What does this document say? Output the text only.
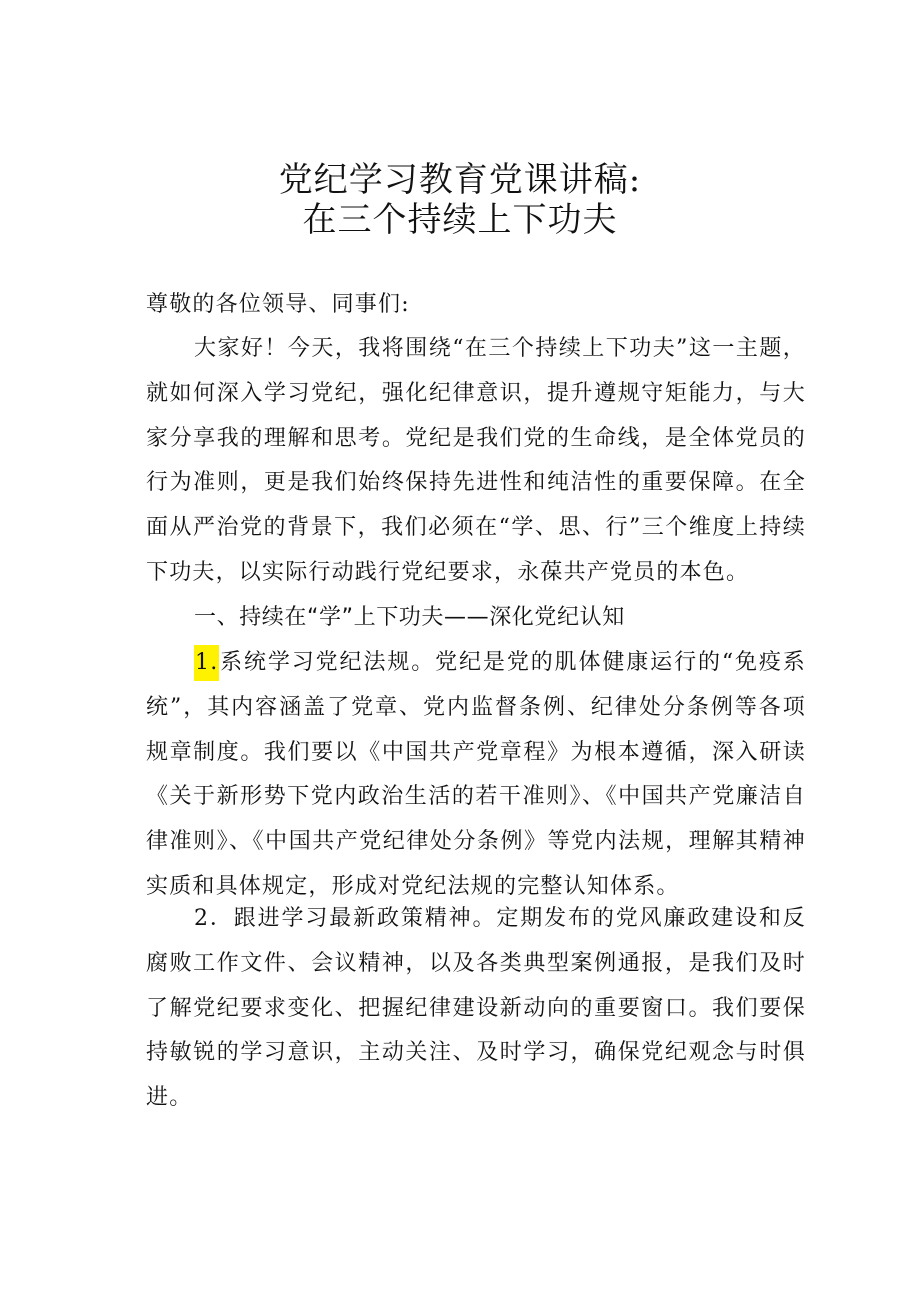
党纪学习教育党课讲稿:
在三个持续上下功夫

尊敬的各位领导、同事们:

大家好！今天，我将围绕“在三个持续上下功夫”这一主题，就如何深入学习党纪，强化纪律意识，提升遵规守矩能力，与大家分享我的理解和思考。党纪是我们党的生命线，是全体党员的行为准则，更是我们始终保持先进性和纯洁性的重要保障。在全面从严治党的背景下，我们必须在“学、思、行”三个维度上持续下功夫，以实际行动践行党纪要求，永葆共产党员的本色。

一、持续在“学”上下功夫——深化党纪认知

1.系统学习党纪法规。党纪是党的肌体健康运行的“免疫系统”，其内容涵盖了党章、党内监督条例、纪律处分条例等各项规章制度。我们要以《中国共产党章程》为根本遵循，深入研读《关于新形势下党内政治生活的若干准则》、《中国共产党廉洁自律准则》、《中国共产党纪律处分条例》等党内法规，理解其精神实质和具体规定，形成对党纪法规的完整认知体系。

2．跟进学习最新政策精神。定期发布的党风廉政建设和反腐败工作文件、会议精神，以及各类典型案例通报，是我们及时了解党纪要求变化、把握纪律建设新动向的重要窗口。我们要保持敏锐的学习意识，主动关注、及时学习，确保党纪观念与时俱进。
